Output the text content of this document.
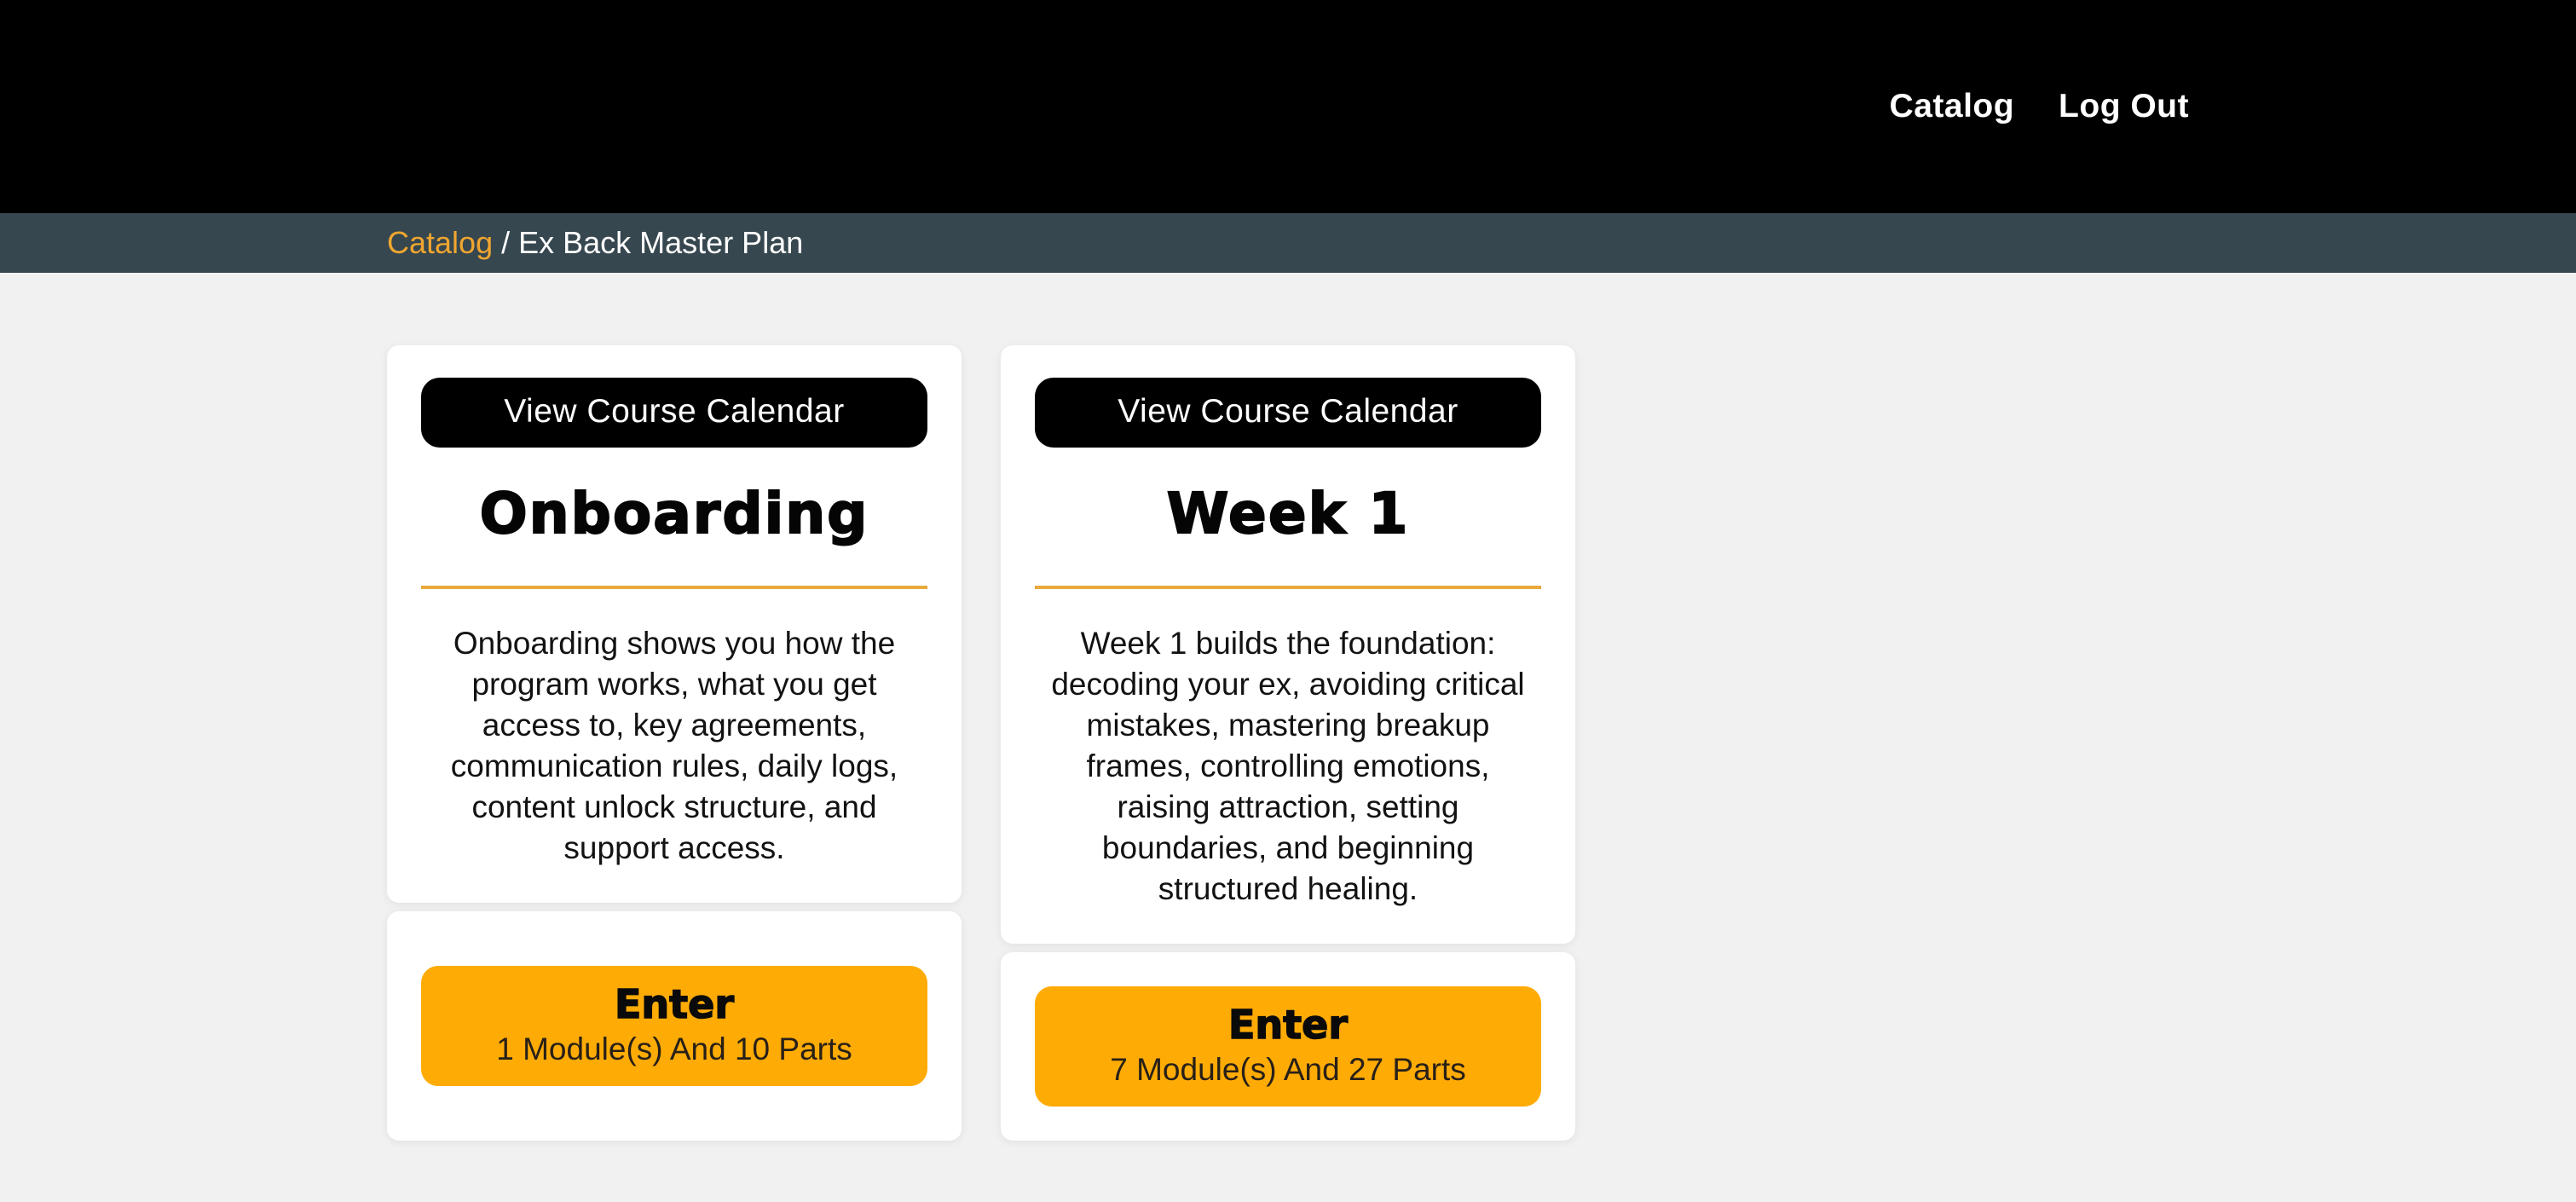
Catalog Log Out
Catalog / Ex Back Master Plan
View Course Calendar
Onboarding

Onboarding shows you how the program works, what you get access to, key agreements, communication rules, daily logs, content unlock structure, and support access.

Enter
1 Module(s) And 10 Parts
View Course Calendar
Week 1

Week 1 builds the foundation: decoding your ex, avoiding critical mistakes, mastering breakup frames, controlling emotions, raising attraction, setting boundaries, and beginning structured healing.

Enter
7 Module(s) And 27 Parts
